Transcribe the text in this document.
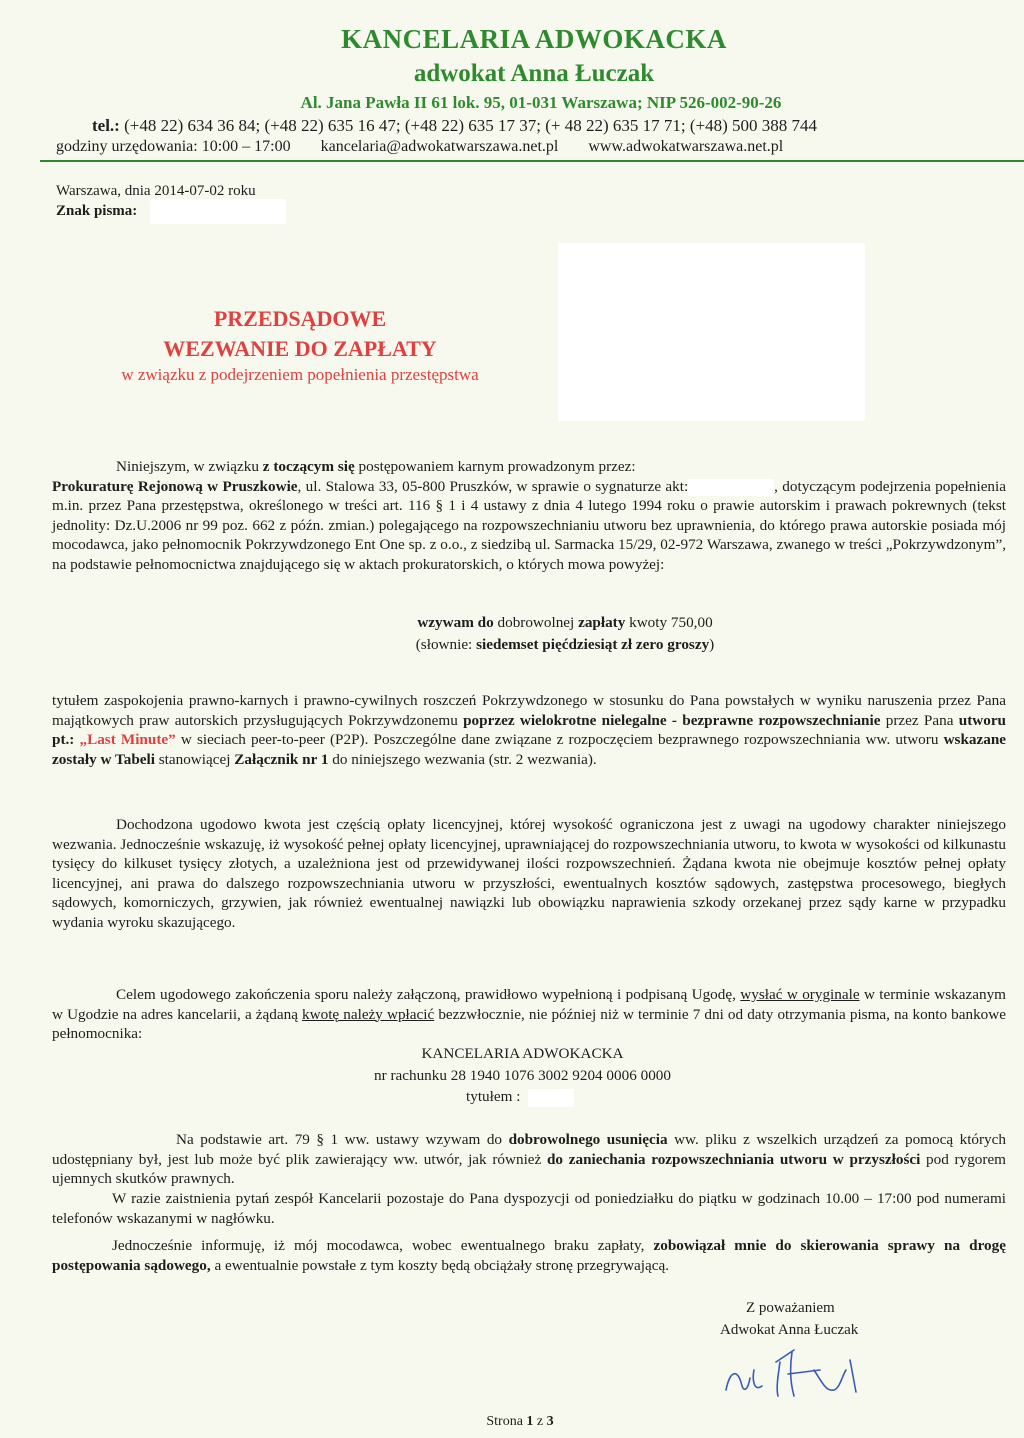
KANCELARIA ADWOKACKA
adwokat Anna Łuczak
Al. Jana Pawła II 61 lok. 95, 01-031 Warszawa; NIP 526-002-90-26
tel.: (+48 22) 634 36 84; (+48 22) 635 16 47; (+48 22) 635 17 37; (+ 48 22) 635 17 71; (+48) 500 388 744
godziny urzędowania: 10:00 – 17:00 kancelaria@adwokatwarszawa.net.pl www.adwokatwarszawa.net.pl
Warszawa, dnia 2014-07-02 roku
Znak pisma:
PRZEDSĄDOWE
WEZWANIE DO ZAPŁATY
w związku z podejrzeniem popełnienia przestępstwa
Niniejszym, w związku z toczącym się postępowaniem karnym prowadzonym przez:
Prokuraturę Rejonową w Pruszkowie, ul. Stalowa 33, 05-800 Pruszków, w sprawie o sygnaturze akt:	, dotyczącym podejrzenia popełnienia m.in. przez Pana przestępstwa, określonego w treści art. 116 § 1 i 4 ustawy z dnia 4 lutego 1994 roku o prawie autorskim i prawach pokrewnych (tekst jednolity: Dz.U.2006 nr 99 poz. 662 z późn. zmian.) polegającego na rozpowszechnianiu utworu bez uprawnienia, do którego prawa autorskie posiada mój mocodawca, jako pełnomocnik Pokrzywdzonego Ent One sp. z o.o., z siedzibą ul. Sarmacka 15/29, 02-972 Warszawa, zwanego w treści „Pokrzywdzonym”, na podstawie pełnomocnictwa znajdującego się w aktach prokuratorskich, o których mowa powyżej:
wzywam do dobrowolnej zapłaty kwoty 750,00
(słownie: siedemset pięćdziesiąt zł zero groszy)
tytułem zaspokojenia prawno-karnych i prawno-cywilnych roszczeń Pokrzywdzonego w stosunku do Pana powstałych w wyniku naruszenia przez Pana majątkowych praw autorskich przysługujących Pokrzywdzonemu poprzez wielokrotne nielegalne - bezprawne rozpowszechnianie przez Pana utworu pt.: „Last Minute” w sieciach peer-to-peer (P2P). Poszczególne dane związane z rozpoczęciem bezprawnego rozpowszechniania ww. utworu wskazane zostały w Tabeli stanowiącej Załącznik nr 1 do niniejszego wezwania (str. 2 wezwania).
Dochodzona ugodowo kwota jest częścią opłaty licencyjnej, której wysokość ograniczona jest z uwagi na ugodowy charakter niniejszego wezwania. Jednocześnie wskazuję, iż wysokość pełnej opłaty licencyjnej, uprawniającej do rozpowszechniania utworu, to kwota w wysokości od kilkunastu tysięcy do kilkuset tysięcy złotych, a uzależniona jest od przewidywanej ilości rozpowszechnień. Żądana kwota nie obejmuje kosztów pełnej opłaty licencyjnej, ani prawa do dalszego rozpowszechniania utworu w przyszłości, ewentualnych kosztów sądowych, zastępstwa procesowego, biegłych sądowych, komorniczych, grzywien, jak również ewentualnej nawiązki lub obowiązku naprawienia szkody orzekanej przez sądy karne w przypadku wydania wyroku skazującego.
Celem ugodowego zakończenia sporu należy załączoną, prawidłowo wypełnioną i podpisaną Ugodę, wysłać w oryginale w terminie wskazanym w Ugodzie na adres kancelarii, a żądaną kwotę należy wpłacić bezzwłocznie, nie później niż w terminie 7 dni od daty otrzymania pisma, na konto bankowe pełnomocnika:
KANCELARIA ADWOKACKA
nr rachunku 28 1940 1076 3002 9204 0006 0000
tytułem :
Na podstawie art. 79 § 1 ww. ustawy wzywam do dobrowolnego usunięcia ww. pliku z wszelkich urządzeń za pomocą których udostępniany był, jest lub może być plik zawierający ww. utwór, jak również do zaniechania rozpowszechniania utworu w przyszłości pod rygorem ujemnych skutków prawnych.
W razie zaistnienia pytań zespół Kancelarii pozostaje do Pana dyspozycji od poniedziałku do piątku w godzinach 10.00 – 17:00 pod numerami telefonów wskazanymi w nagłówku.
Jednocześnie informuję, iż mój mocodawca, wobec ewentualnego braku zapłaty, zobowiązał mnie do skierowania sprawy na drogę postępowania sądowego, a ewentualnie powstałe z tym koszty będą obciążały stronę przegrywającą.
Z poważaniem
Adwokat Anna Łuczak
Strona 1 z 3
